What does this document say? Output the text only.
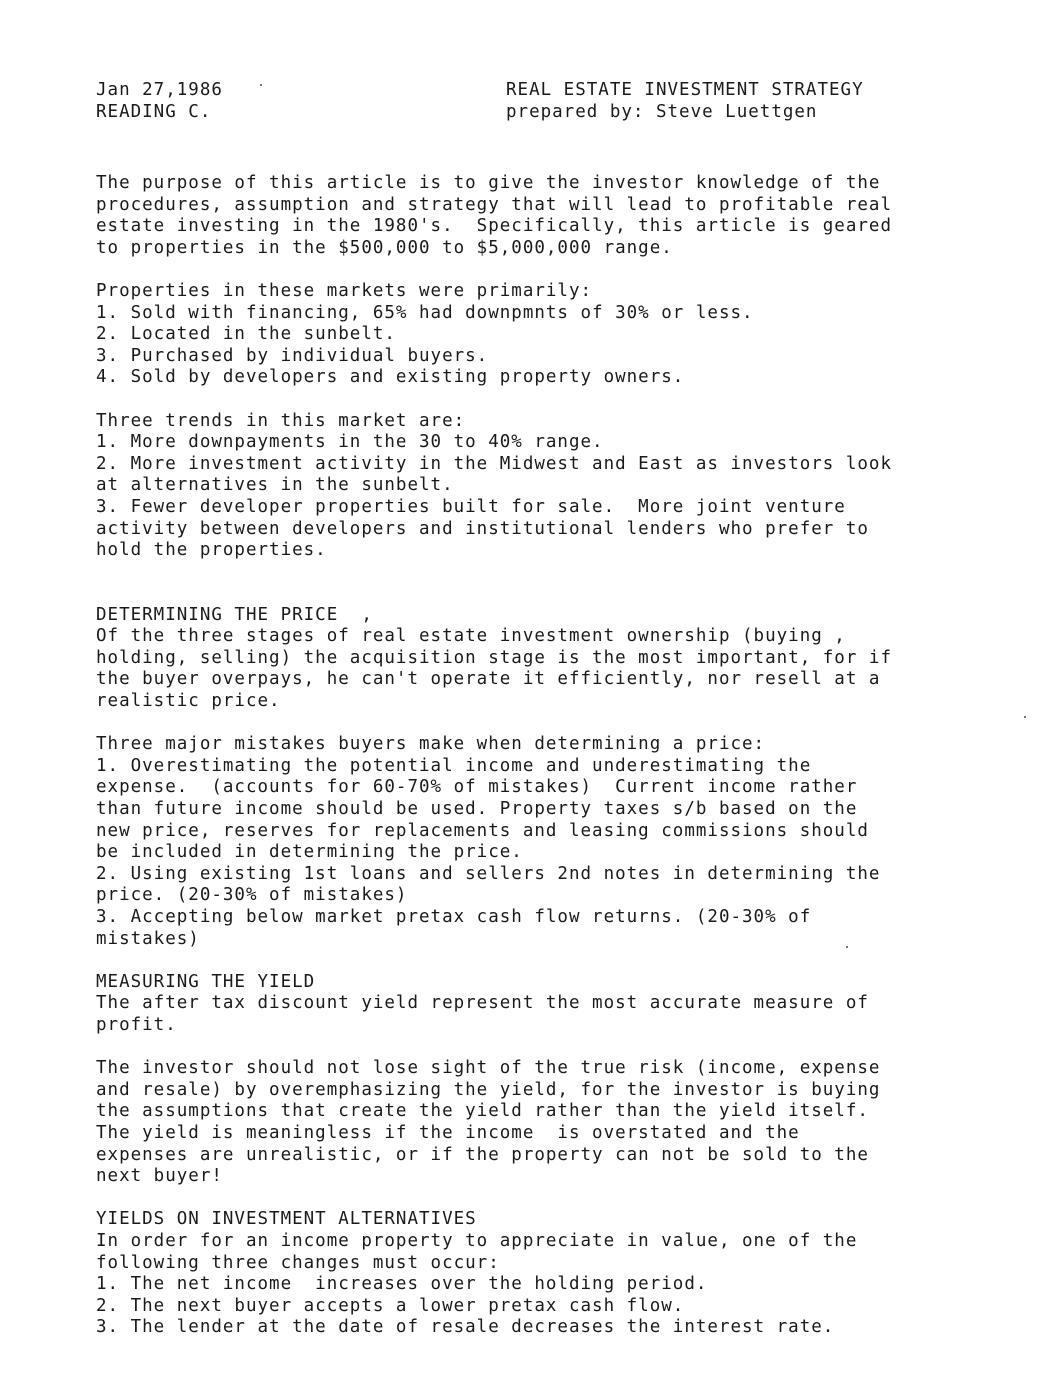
Jan 27,1986
READING C.
REAL ESTATE INVESTMENT STRATEGY
prepared by: Steve Luettgen
The purpose of this article is to give the investor knowledge of the
procedures, assumption and strategy that will lead to profitable real
estate investing in the 1980's.  Specifically, this article is geared
to properties in the $500,000 to $5,000,000 range.
Properties in these markets were primarily:
1. Sold with financing, 65% had downpmnts of 30% or less.
2. Located in the sunbelt.
3. Purchased by individual buyers.
4. Sold by developers and existing property owners.
Three trends in this market are:
1. More downpayments in the 30 to 40% range.
2. More investment activity in the Midwest and East as investors look
at alternatives in the sunbelt.
3. Fewer developer properties built for sale.  More joint venture
activity between developers and institutional lenders who prefer to
hold the properties.
DETERMINING THE PRICE  ,
Of the three stages of real estate investment ownership (buying ,
holding, selling) the acquisition stage is the most important, for if
the buyer overpays, he can't operate it efficiently, nor resell at a
realistic price.
Three major mistakes buyers make when determining a price:
1. Overestimating the potential income and underestimating the
expense.  (accounts for 60-70% of mistakes)  Current income rather
than future income should be used. Property taxes s/b based on the
new price, reserves for replacements and leasing commissions should
be included in determining the price.
2. Using existing 1st loans and sellers 2nd notes in determining the
price. (20-30% of mistakes)
3. Accepting below market pretax cash flow returns. (20-30% of
mistakes)
MEASURING THE YIELD
The after tax discount yield represent the most accurate measure of
profit.
The investor should not lose sight of the true risk (income, expense
and resale) by overemphasizing the yield, for the investor is buying
the assumptions that create the yield rather than the yield itself.
The yield is meaningless if the income  is overstated and the
expenses are unrealistic, or if the property can not be sold to the
next buyer!
YIELDS ON INVESTMENT ALTERNATIVES
In order for an income property to appreciate in value, one of the
following three changes must occur:
1. The net income  increases over the holding period.
2. The next buyer accepts a lower pretax cash flow.
3. The lender at the date of resale decreases the interest rate.
